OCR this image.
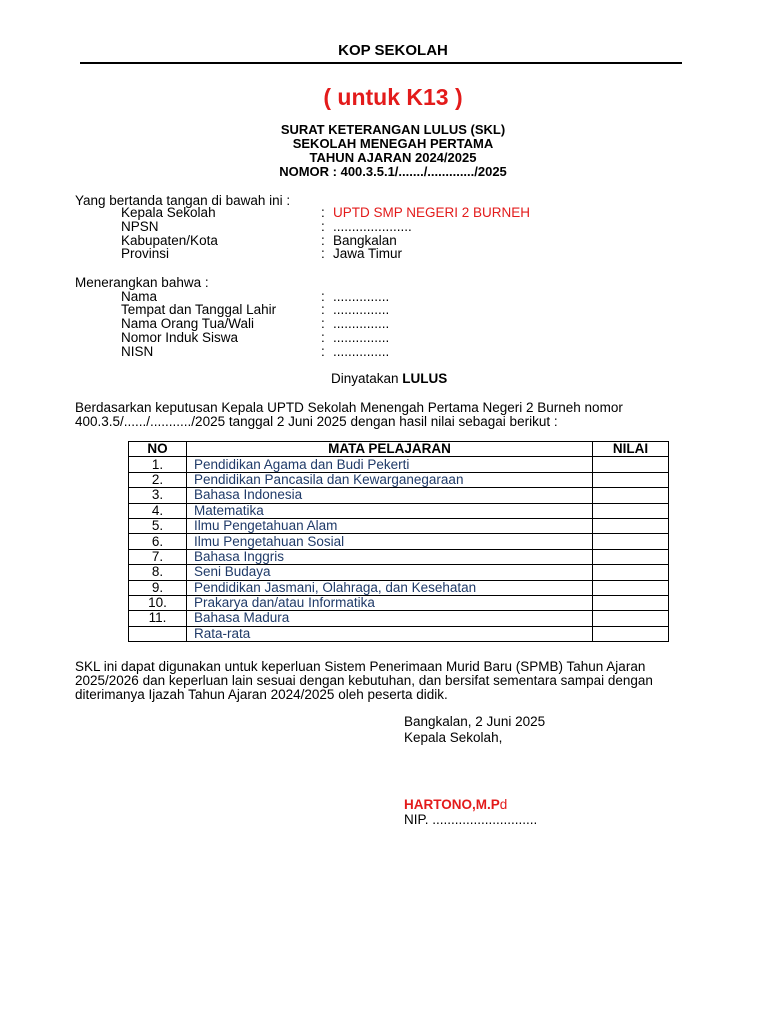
KOP SEKOLAH
( untuk K13 )
SURAT KETERANGAN LULUS (SKL)
SEKOLAH MENEGAH PERTAMA
TAHUN AJARAN 2024/2025
NOMOR : 400.3.5.1/......./............./2025
Yang bertanda tangan di bawah ini :
Kepala Sekolah	: UPTD SMP NEGERI 2 BURNEH
NPSN	: .....................
Kabupaten/Kota	: Bangkalan
Provinsi	: Jawa Timur
Menerangkan bahwa :
Nama	: ...............
Tempat dan Tanggal Lahir	: ...............
Nama Orang Tua/Wali	: ...............
Nomor Induk Siswa	: ...............
NISN	: ...............
Dinyatakan LULUS
Berdasarkan keputusan Kepala UPTD Sekolah Menengah Pertama Negeri 2 Burneh nomor 400.3.5/....../.........../2025 tanggal 2 Juni 2025 dengan hasil nilai sebagai berikut :
NO	MATA PELAJARAN	NILAI
1.	Pendidikan Agama dan Budi Pekerti	
2.	Pendidikan Pancasila dan Kewarganegaraan	
3.	Bahasa Indonesia	
4.	Matematika	
5.	Ilmu Pengetahuan Alam	
6.	Ilmu Pengetahuan Sosial	
7.	Bahasa Inggris	
8.	Seni Budaya	
9.	Pendidikan Jasmani, Olahraga, dan Kesehatan	
10.	Prakarya dan/atau Informatika	
11.	Bahasa Madura	
	Rata-rata	
SKL ini dapat digunakan untuk keperluan Sistem Penerimaan Murid Baru (SPMB) Tahun Ajaran 2025/2026 dan keperluan lain sesuai dengan kebutuhan, dan bersifat sementara sampai dengan diterimanya Ijazah Tahun Ajaran 2024/2025 oleh peserta didik.
Bangkalan, 2 Juni 2025
Kepala Sekolah,
HARTONO,M.Pd
NIP. ............................
